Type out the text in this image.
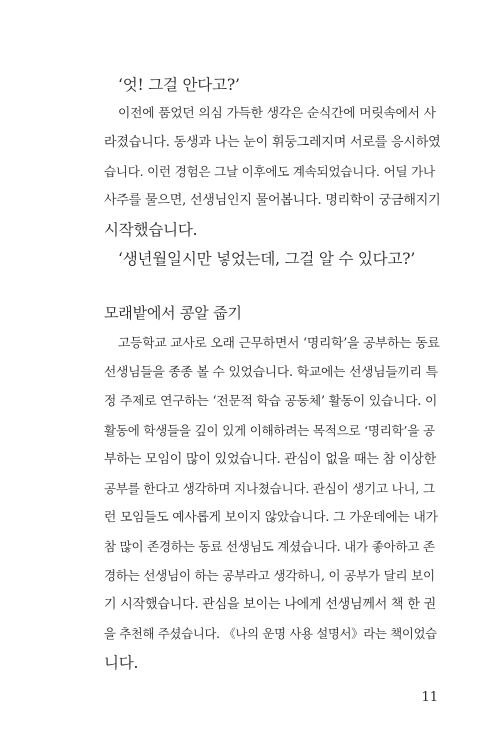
‘엇! 그걸 안다고?’
이전에 품었던 의심 가득한 생각은 순식간에 머릿속에서 사
라졌습니다. 동생과 나는 눈이 휘둥그레지며 서로를 응시하였
습니다. 이런 경험은 그날 이후에도 계속되었습니다. 어딜 가나
사주를 물으면, 선생님인지 물어봅니다. 명리학이 궁금해지기
시작했습니다.
‘생년월일시만 넣었는데, 그걸 알 수 있다고?’
모래밭에서 콩알 줍기
고등학교 교사로 오래 근무하면서 ‘명리학’을 공부하는 동료
선생님들을 종종 볼 수 있었습니다. 학교에는 선생님들끼리 특
정 주제로 연구하는 ‘전문적 학습 공동체’ 활동이 있습니다. 이
활동에 학생들을 깊이 있게 이해하려는 목적으로 ‘명리학’을 공
부하는 모임이 많이 있었습니다. 관심이 없을 때는 참 이상한
공부를 한다고 생각하며 지나쳤습니다. 관심이 생기고 나니, 그
런 모임들도 예사롭게 보이지 않았습니다. 그 가운데에는 내가
참 많이 존경하는 동료 선생님도 계셨습니다. 내가 좋아하고 존
경하는 선생님이 하는 공부라고 생각하니, 이 공부가 달리 보이
기 시작했습니다. 관심을 보이는 나에게 선생님께서 책 한 권
을 추천해 주셨습니다. 《나의 운명 사용 설명서》라는 책이었습
니다.
11
